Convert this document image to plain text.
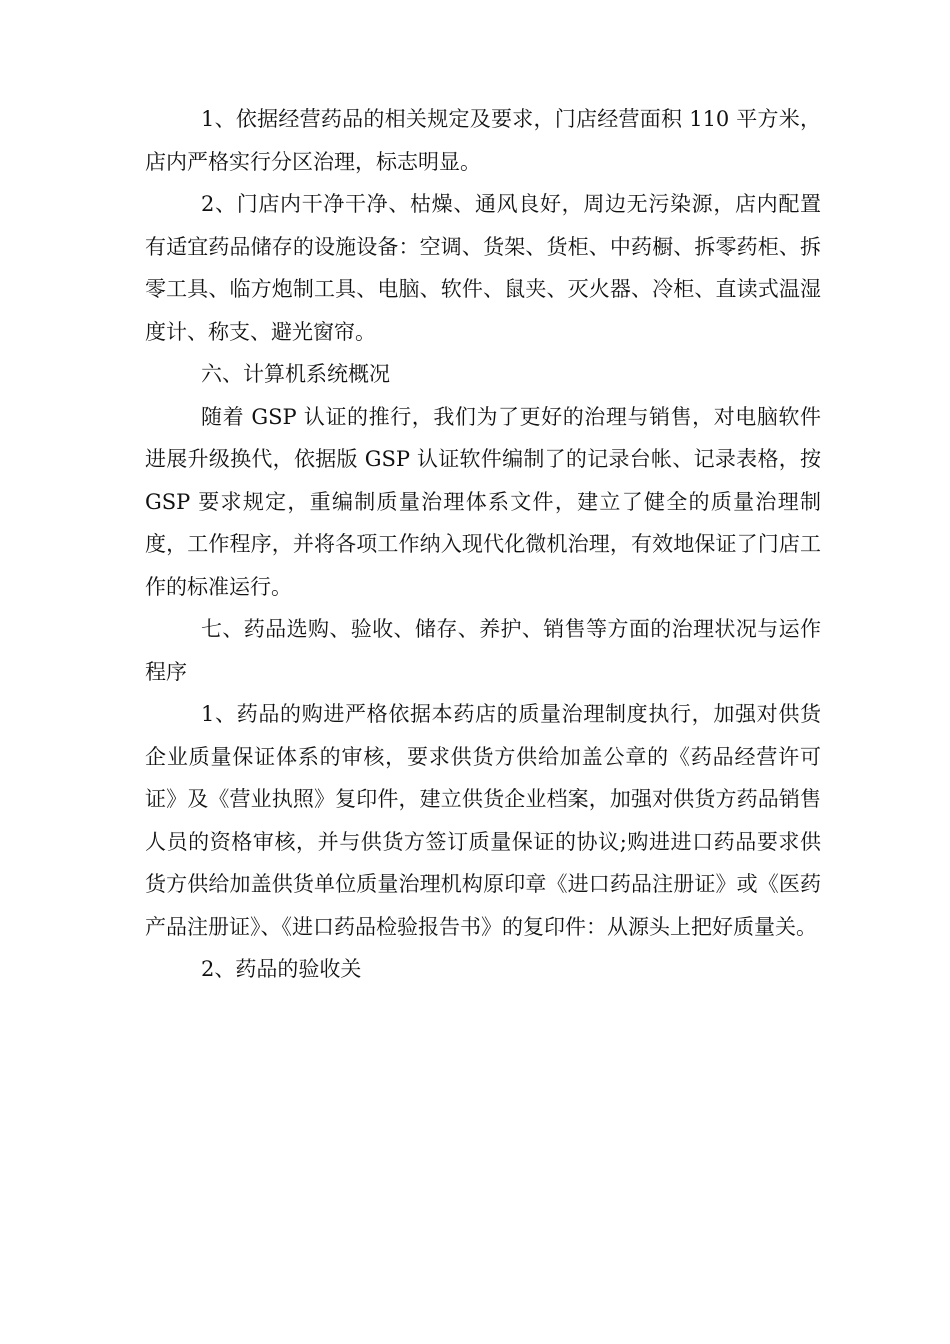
1、依据经营药品的相关规定及要求，门店经营面积 110 平方米，店内严格实行分区治理，标志明显。

2、门店内干净干净、枯燥、通风良好，周边无污染源，店内配置有适宜药品储存的设施设备：空调、货架、货柜、中药橱、拆零药柜、拆零工具、临方炮制工具、电脑、软件、鼠夹、灭火器、冷柜、直读式温湿度计、称支、避光窗帘。

六、计算机系统概况

随着 GSP 认证的推行，我们为了更好的治理与销售，对电脑软件进展升级换代，依据版 GSP 认证软件编制了的记录台帐、记录表格，按GSP 要求规定，重编制质量治理体系文件，建立了健全的质量治理制度，工作程序，并将各项工作纳入现代化微机治理，有效地保证了门店工作的标准运行。

七、药品选购、验收、储存、养护、销售等方面的治理状况与运作程序

1、药品的购进严格依据本药店的质量治理制度执行，加强对供货企业质量保证体系的审核，要求供货方供给加盖公章的《药品经营许可证》及《营业执照》复印件，建立供货企业档案，加强对供货方药品销售人员的资格审核，并与供货方签订质量保证的协议;购进进口药品要求供货方供给加盖供货单位质量治理机构原印章《进口药品注册证》或《医药产品注册证》、《进口药品检验报告书》的复印件：从源头上把好质量关。

2、药品的验收关
